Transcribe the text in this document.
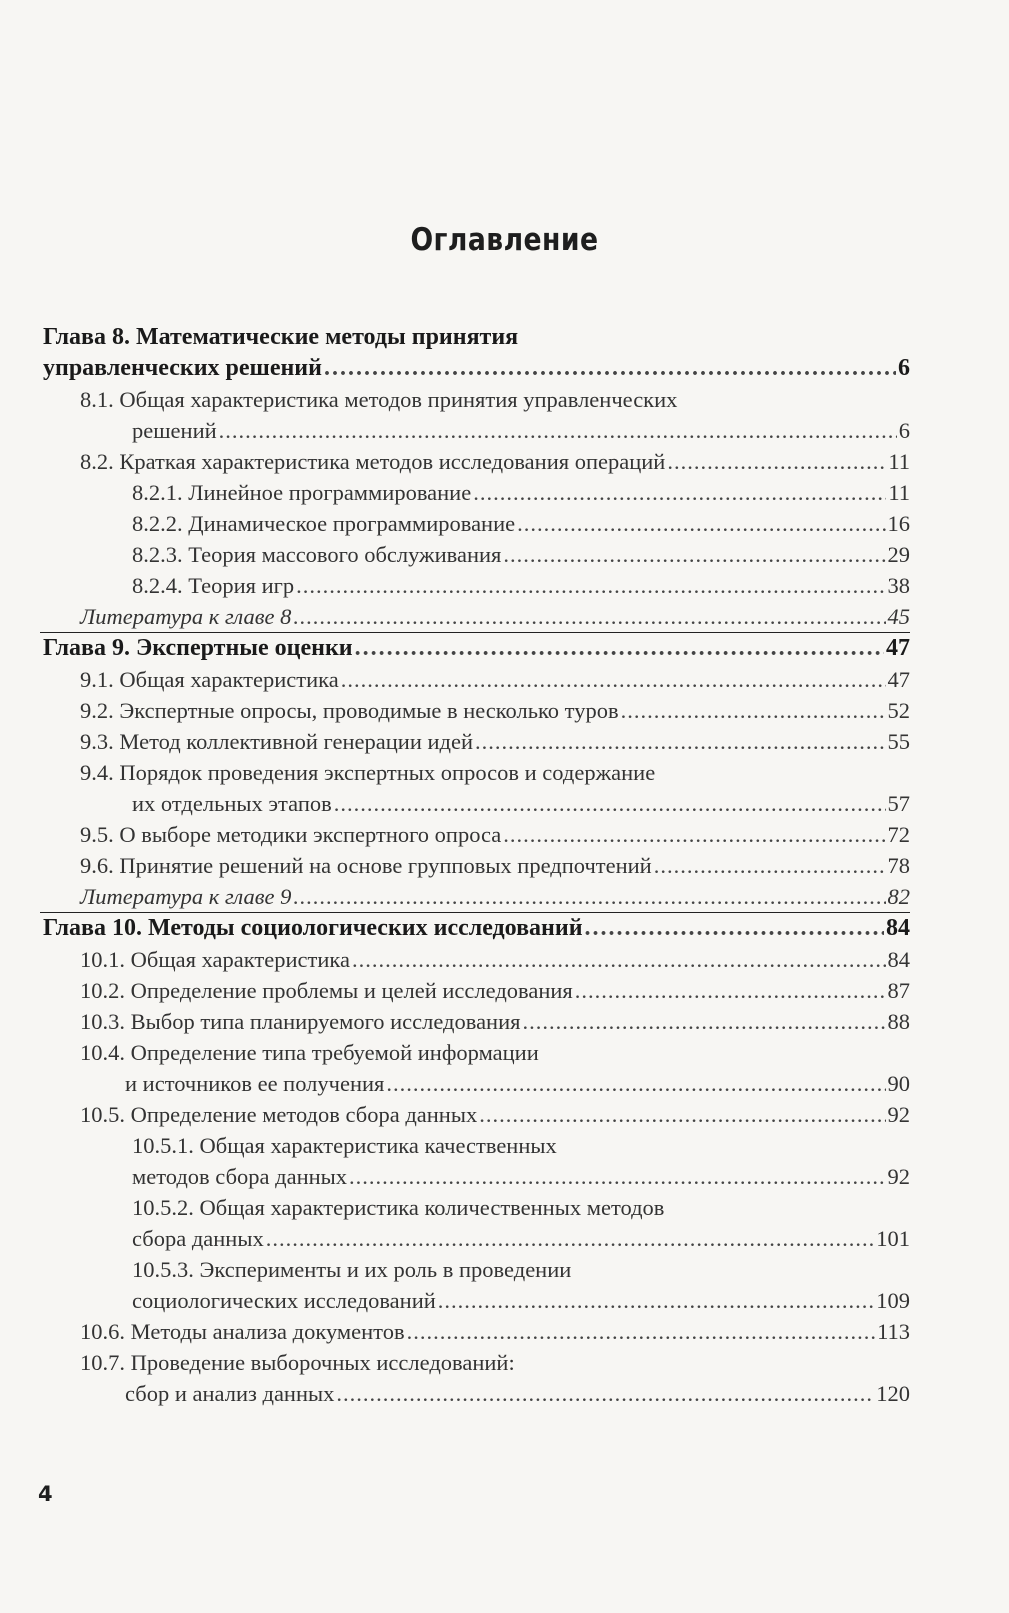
Оглавление
Глава 8. Математические методы принятия
управленческих решений .....	6
8.1. Общая характеристика методов принятия управленческих
решений .....	6
8.2. Краткая характеристика методов исследования операций .....	11
8.2.1. Линейное программирование .....	11
8.2.2. Динамическое программирование .....	16
8.2.3. Теория массового обслуживания .....	29
8.2.4. Теория игр .....	38
Литература к главе 8 .....	45
Глава 9. Экспертные оценки .....	47
9.1. Общая характеристика .....	47
9.2. Экспертные опросы, проводимые в несколько туров .....	52
9.3. Метод коллективной генерации идей .....	55
9.4. Порядок проведения экспертных опросов и содержание
их отдельных этапов .....	57
9.5. О выборе методики экспертного опроса .....	72
9.6. Принятие решений на основе групповых предпочтений .....	78
Литература к главе 9 .....	82
Глава 10. Методы социологических исследований .....	84
10.1. Общая характеристика .....	84
10.2. Определение проблемы и целей исследования .....	87
10.3. Выбор типа планируемого исследования .....	88
10.4. Определение типа требуемой информации
и источников ее получения .....	90
10.5. Определение методов сбора данных .....	92
10.5.1. Общая характеристика качественных
методов сбора данных .....	92
10.5.2. Общая характеристика количественных методов
сбора данных .....	101
10.5.3. Эксперименты и их роль в проведении
социологических исследований .....	109
10.6. Методы анализа документов .....	113
10.7. Проведение выборочных исследований:
сбор и анализ данных .....	120
4
